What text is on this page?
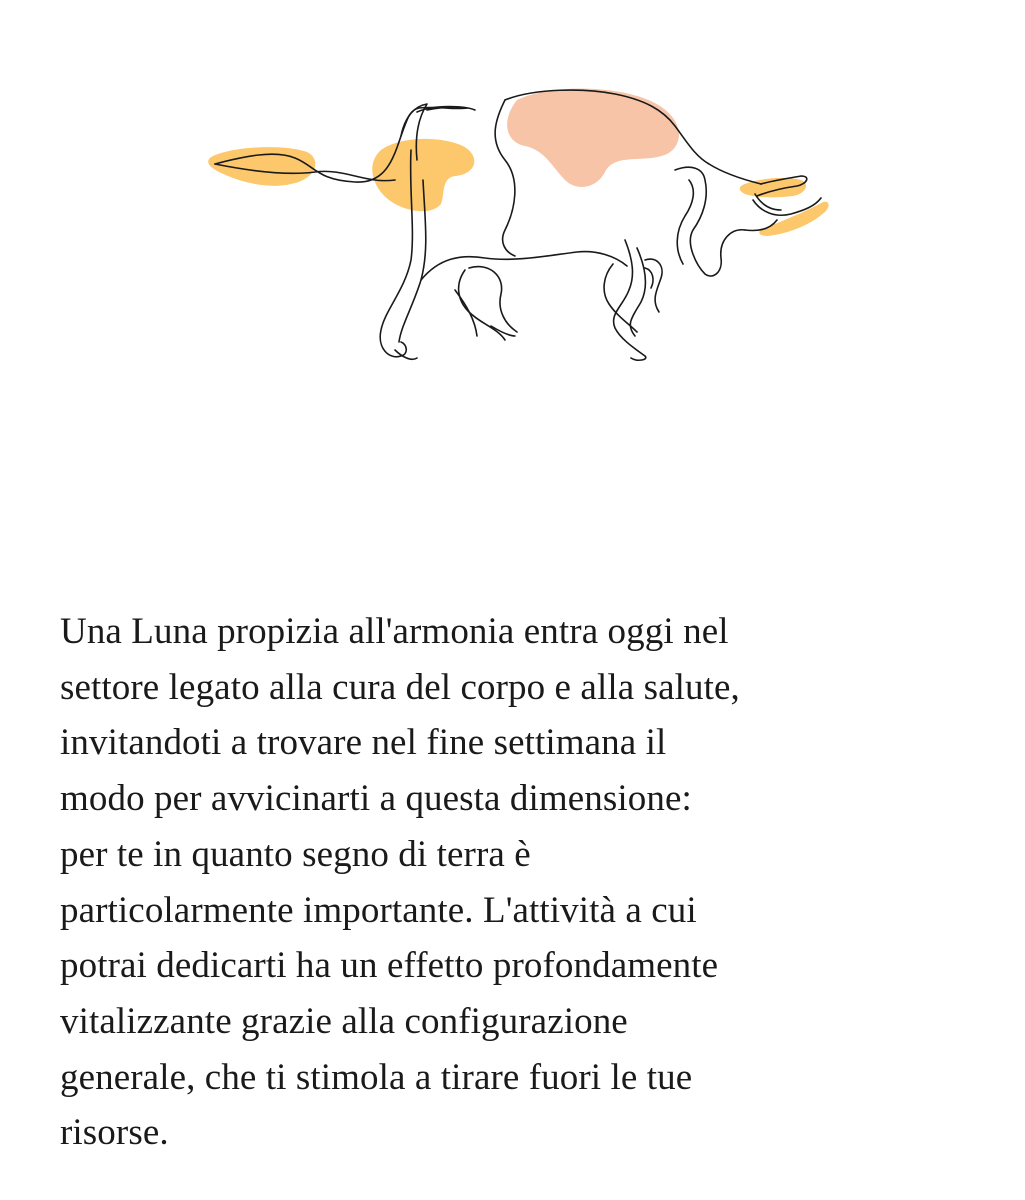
Una Luna propizia all'armonia entra oggi nel
settore legato alla cura del corpo e alla salute,
invitandoti a trovare nel fine settimana il
modo per avvicinarti a questa dimensione:
per te in quanto segno di terra è
particolarmente importante. L'attività a cui
potrai dedicarti ha un effetto profondamente
vitalizzante grazie alla configurazione
generale, che ti stimola a tirare fuori le tue
risorse.
